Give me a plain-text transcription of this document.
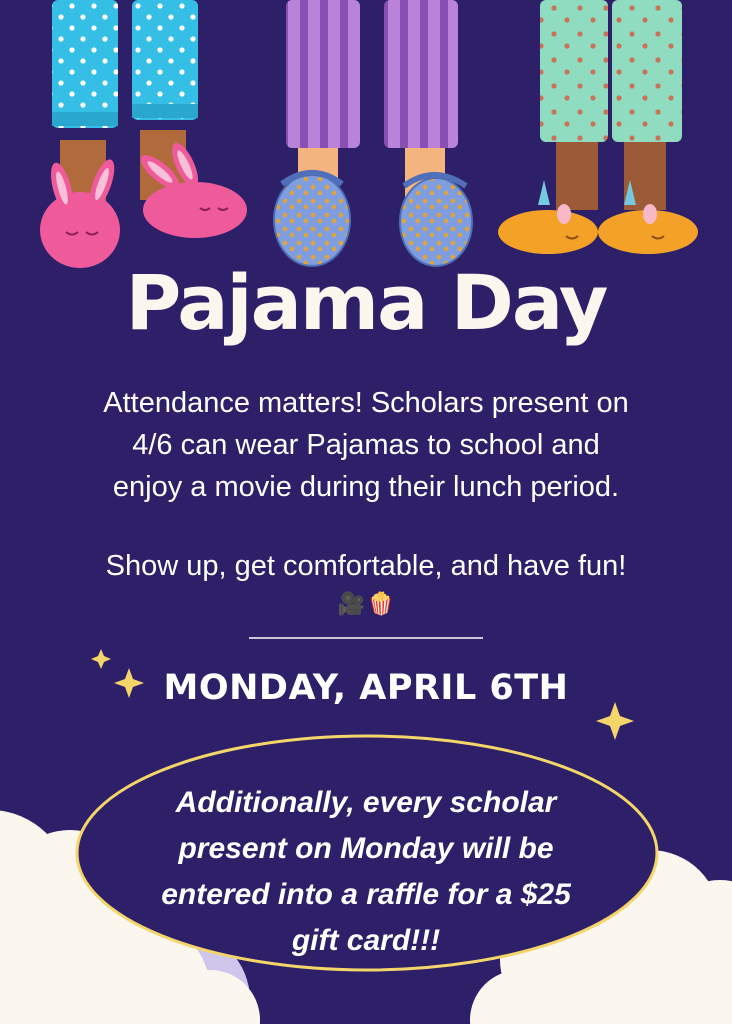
Pajama Day
Attendance matters! Scholars present on
4/6 can wear Pajamas to school and
enjoy a movie during their lunch period.
Show up, get comfortable, and have fun!
🎥🍿
MONDAY, APRIL 6TH
Additionally, every scholar
present on Monday will be
entered into a raffle for a $25
gift card!!!
